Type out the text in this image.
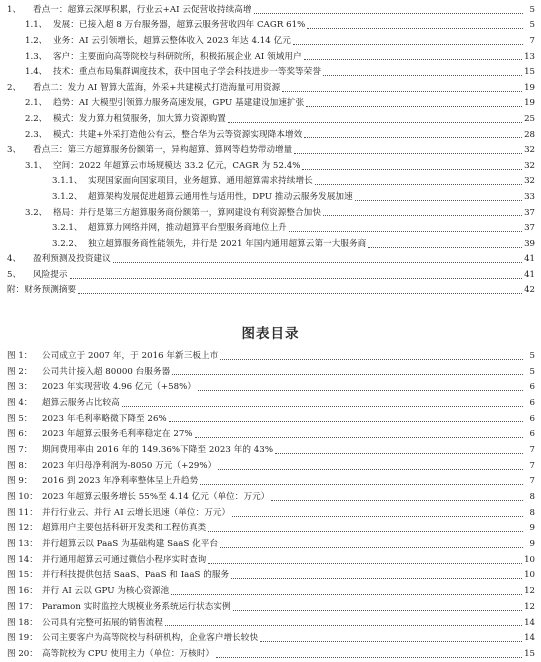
1、	看点一：超算云深厚积累，行业云+AI 云促营收持续高增	5
1.1、 发展：已接入超 8 万台服务器，超算云服务营收四年 CAGR 61%	5
1.2、 业务：AI 云引领增长，超算云整体收入 2023 年达 4.14 亿元	7
1.3、 客户：主要面向高等院校与科研院所，积极拓展企业 AI 领域用户	13
1.4、 技术：重点布局集群调度技术，获中国电子学会科技进步一等奖等荣誉	15
2、	看点二：发力 AI 智算大蓝海，外采+共建模式打造海量可用资源	19
2.1、 趋势：AI 大模型引领算力服务高速发展，GPU 基建建设加速扩张	19
2.2、 模式：发力算力租赁服务，加大算力资源购置	25
2.3、 模式：共建+外采打造他公有云，整合华为云等资源实现降本增效	28
3、	看点三：第三方超算服务份额第一，异构超算、算网等趋势带动增量	32
3.1、 空间：2022 年超算云市场规模达 33.2 亿元，CAGR 为 52.4%	32
3.1.1、 实现国家面向国家项目，业务超算、通用超算需求持续增长	32
3.1.2、 超算架构发展促进超算云通用性与适用性，DPU 推动云服务发展加速	33
3.2、 格局：并行是第三方超算服务商份额第一，算网建设有利资源整合加快	37
3.2.1、 超算算力网络并网，推动超算平台型服务商地位上升	37
3.2.2、 独立超算服务商性能领先，并行是 2021 年国内通用超算云第一大服务商	39
4、	盈利预测及投资建议	41
5、	风险提示	41
附：财务预测摘要	42
图表目录
图 1：	公司成立于 2007 年，于 2016 年新三板上市	5
图 2：	公司共计接入超 80000 台服务器	5
图 3：	2023 年实现营收 4.96 亿元（+58%）	6
图 4：	超算云服务占比较高	6
图 5：	2023 年毛利率略微下降至 26%	6
图 6：	2023 年超算云服务毛利率稳定在 27%	6
图 7：	期间费用率由 2016 年的 149.36%下降至 2023 年的 43%	7
图 8：	2023 年归母净利润为-8050 万元（+29%）	7
图 9：	2016 到 2023 年净利率整体呈上升趋势	7
图 10： 2023 年超算云服务增长 55%至 4.14 亿元（单位：万元）	8
图 11： 并行行业云、并行 AI 云增长迅速（单位：万元）	8
图 12： 超算用户主要包括科研开发类和工程仿真类	9
图 13： 并行超算云以 PaaS 为基础构建 SaaS 化平台	9
图 14： 并行通用超算云可通过微信小程序实时查询	10
图 15： 并行科技提供包括 SaaS、PaaS 和 IaaS 的服务	10
图 16： 并行 AI 云以 GPU 为核心资源池	12
图 17： Paramon 实时监控大规模业务系统运行状态实例	12
图 18： 公司具有完整可拓展的销售流程	14
图 19： 公司主要客户为高等院校与科研机构，企业客户增长较快	14
图 20： 高等院校为 CPU 使用主力（单位：万核时）	15
